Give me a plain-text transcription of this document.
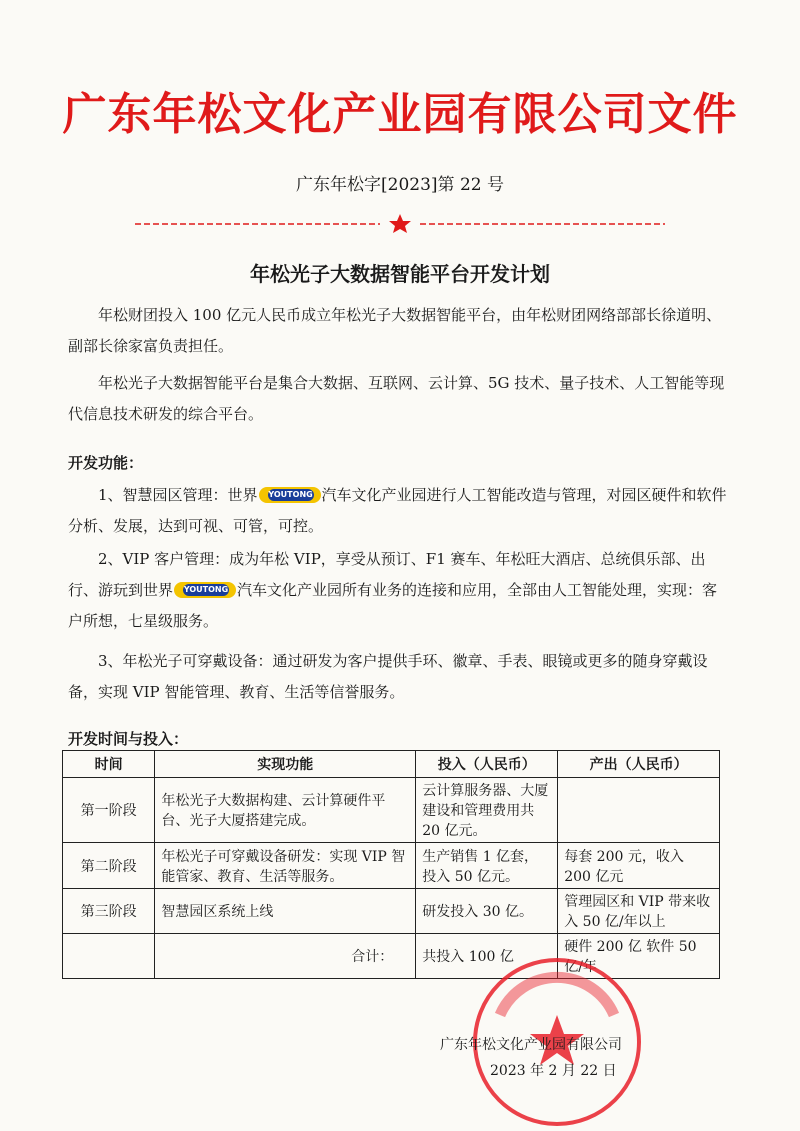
广东年松文化产业园有限公司文件
广东年松字[2023]第 22 号
年松光子大数据智能平台开发计划
年松财团投入 100 亿元人民币成立年松光子大数据智能平台，由年松财团网络部部长徐道明、副部长徐家富负责担任。
年松光子大数据智能平台是集合大数据、互联网、云计算、5G 技术、量子技术、人工智能等现代信息技术研发的综合平台。
开发功能：
1、智慧园区管理：世界 YOUTONG 汽车文化产业园进行人工智能改造与管理，对园区硬件和软件分析、发展，达到可视、可管，可控。
2、VIP 客户管理：成为年松 VIP，享受从预订、F1 赛车、年松旺大酒店、总统俱乐部、出行、游玩到世界 YOUTONG 汽车文化产业园所有业务的连接和应用，全部由人工智能处理，实现：客户所想，七星级服务。
3、年松光子可穿戴设备：通过研发为客户提供手环、徽章、手表、眼镜或更多的随身穿戴设备，实现 VIP 智能管理、教育、生活等信誉服务。
开发时间与投入：
时间	实现功能	投入（人民币）	产出（人民币）
第一阶段	年松光子大数据构建、云计算硬件平台、光子大厦搭建完成。	云计算服务器、大厦建设和管理费用共 20 亿元。	
第二阶段	年松光子可穿戴设备研发：实现 VIP 智能管家、教育、生活等服务。	生产销售 1 亿套，投入 50 亿元。	每套 200 元，收入 200 亿元
第三阶段	智慧园区系统上线	研发投入 30 亿。	管理园区和 VIP 带来收入 50 亿/年以上
	合计：	共投入 100 亿	硬件 200 亿 软件 50 亿/年
广东年松文化产业园有限公司
2023 年 2 月 22 日
